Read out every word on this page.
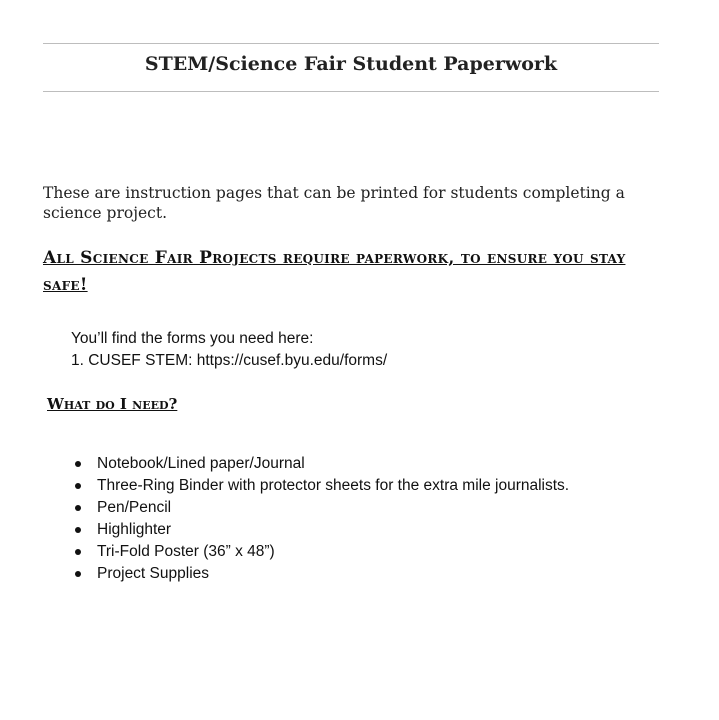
STEM/Science Fair Student Paperwork

These are instruction pages that can be printed for students completing a science project.

All Science Fair Projects require paperwork, to ensure you stay safe!

You’ll find the forms you need here:

1. CUSEF STEM: https://cusef.byu.edu/forms/

What do I need?
Notebook/Lined paper/Journal
Three-Ring Binder with protector sheets for the extra mile journalists.
Pen/Pencil
Highlighter
Tri-Fold Poster (36” x 48”)
Project Supplies
